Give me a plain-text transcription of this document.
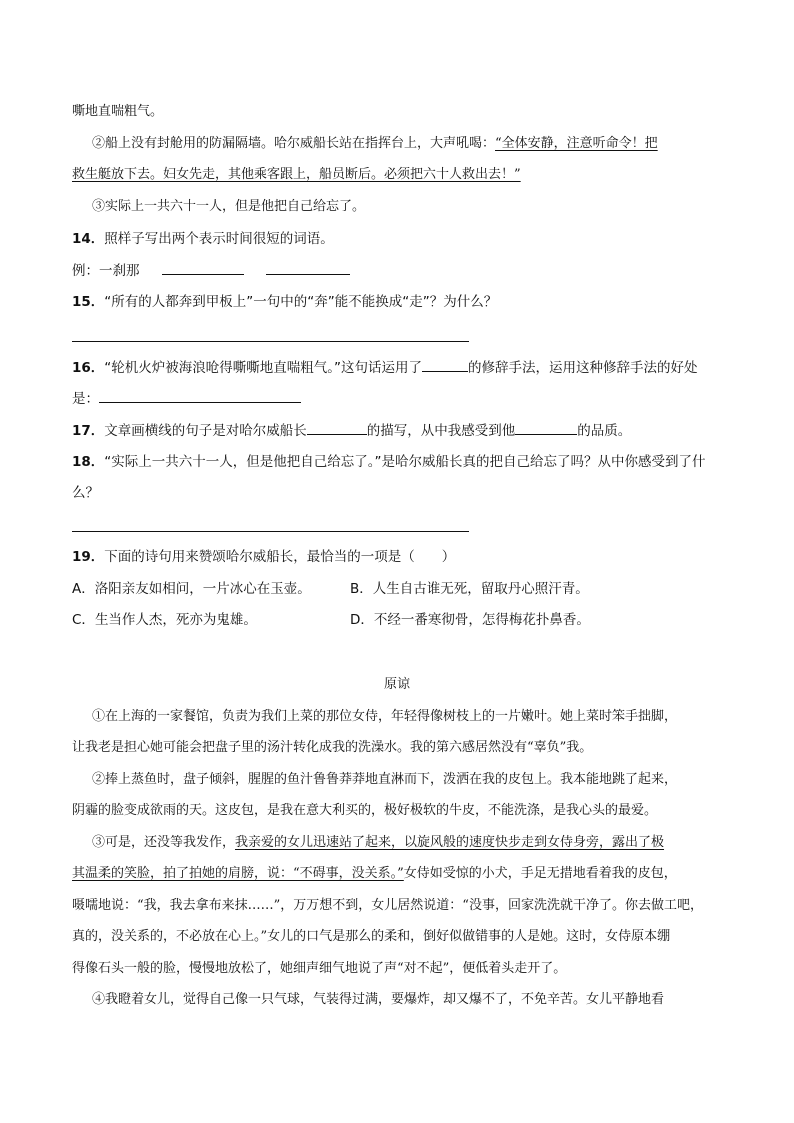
嘶地直喘粗气。
②船上没有封舱用的防漏隔墙。哈尔威船长站在指挥台上，大声吼喝：“全体安静，注意听命令！把
救生艇放下去。妇女先走，其他乘客跟上，船员断后。必须把六十人救出去！”
③实际上一共六十一人，但是他把自己给忘了。
14．照样子写出两个表示时间很短的词语。
例：一刹那
15．“所有的人都奔到甲板上”一句中的“奔”能不能换成“走”？为什么？
16．“轮机火炉被海浪呛得嘶嘶地直喘粗气。”这句话运用了	的修辞手法，运用这种修辞手法的好处
是：
17．文章画横线的句子是对哈尔威船长	的描写，从中我感受到他	的品质。
18．“实际上一共六十一人，但是他把自己给忘了。”是哈尔威船长真的把自己给忘了吗？从中你感受到了什
么？
19．下面的诗句用来赞颂哈尔威船长，最恰当的一项是（　　）
A．洛阳亲友如相问，一片冰心在玉壶。	B．人生自古谁无死，留取丹心照汗青。
C．生当作人杰，死亦为鬼雄。	D．不经一番寒彻骨，怎得梅花扑鼻香。
原谅
①在上海的一家餐馆，负责为我们上菜的那位女侍，年轻得像树枝上的一片嫩叶。她上菜时笨手拙脚，
让我老是担心她可能会把盘子里的汤汁转化成我的洗澡水。我的第六感居然没有“辜负”我。
②捧上蒸鱼时，盘子倾斜，腥腥的鱼汁鲁鲁莽莽地直淋而下，泼洒在我的皮包上。我本能地跳了起来，
阴霾的脸变成欲雨的天。这皮包，是我在意大利买的，极好极软的牛皮，不能洗涤，是我心头的最爱。
③可是，还没等我发作，我亲爱的女儿迅速站了起来，以旋风般的速度快步走到女侍身旁，露出了极
其温柔的笑脸，拍了拍她的肩膀，说：“不碍事，没关系。”女侍如受惊的小犬，手足无措地看着我的皮包，
嗫嚅地说：“我，我去拿布来抹……”，万万想不到，女儿居然说道：“没事，回家洗洗就干净了。你去做工吧，
真的，没关系的，不必放在心上。”女儿的口气是那么的柔和，倒好似做错事的人是她。这时，女侍原本绷
得像石头一般的脸，慢慢地放松了，她细声细气地说了声“对不起”，便低着头走开了。
④我瞪着女儿，觉得自己像一只气球，气装得过满，要爆炸，却又爆不了，不免辛苦。女儿平静地看
